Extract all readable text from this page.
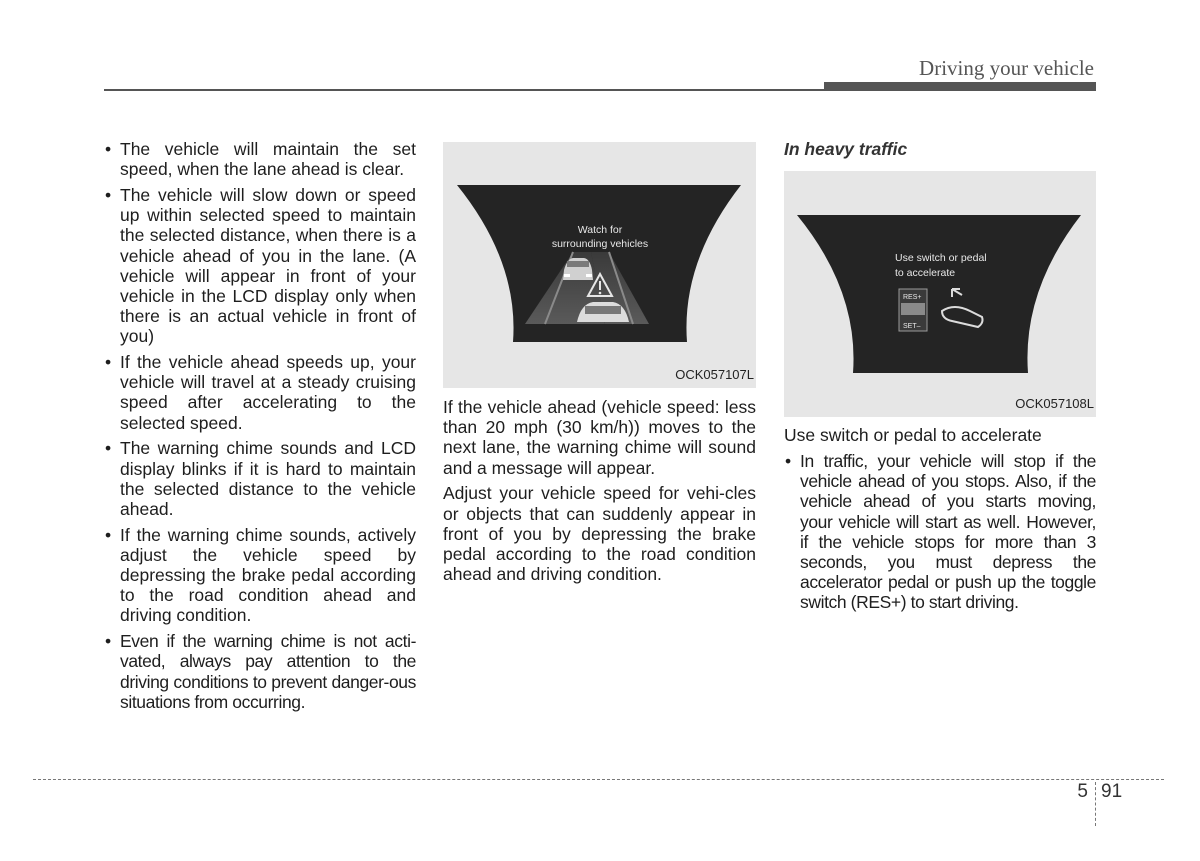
Driving your vehicle
• The vehicle will maintain the set speed, when the lane ahead is clear.
• The vehicle will slow down or speed up within selected speed to maintain the selected distance, when there is a vehicle ahead of you in the lane. (A vehicle will appear in front of your vehicle in the LCD display only when there is an actual vehicle in front of you)
• If the vehicle ahead speeds up, your vehicle will travel at a steady cruising speed after accelerating to the selected speed.
• The warning chime sounds and LCD display blinks if it is hard to maintain the selected distance to the vehicle ahead.
• If the warning chime sounds, actively adjust the vehicle speed by depressing the brake pedal according to the road condition ahead and driving condition.
• Even if the warning chime is not acti-vated, always pay attention to the driving conditions to prevent danger-ous situations from occurring.
Watch for
surrounding vehicles
OCK057107L

If the vehicle ahead (vehicle speed: less than 20 mph (30 km/h)) moves to the next lane, the warning chime will sound and a message will appear.

Adjust your vehicle speed for vehi-cles or objects that can suddenly appear in front of you by depressing the brake pedal according to the road condition ahead and driving condition.

In heavy traffic
Use switch or pedal
to accelerate
RES+
SET–
OCK057108L

Use switch or pedal to accelerate

• In traffic, your vehicle will stop if the vehicle ahead of you stops. Also, if the vehicle ahead of you starts moving, your vehicle will start as well. However, if the vehicle stops for more than 3 seconds, you must depress the accelerator pedal or push up the toggle switch (RES+) to start driving.
5 91
